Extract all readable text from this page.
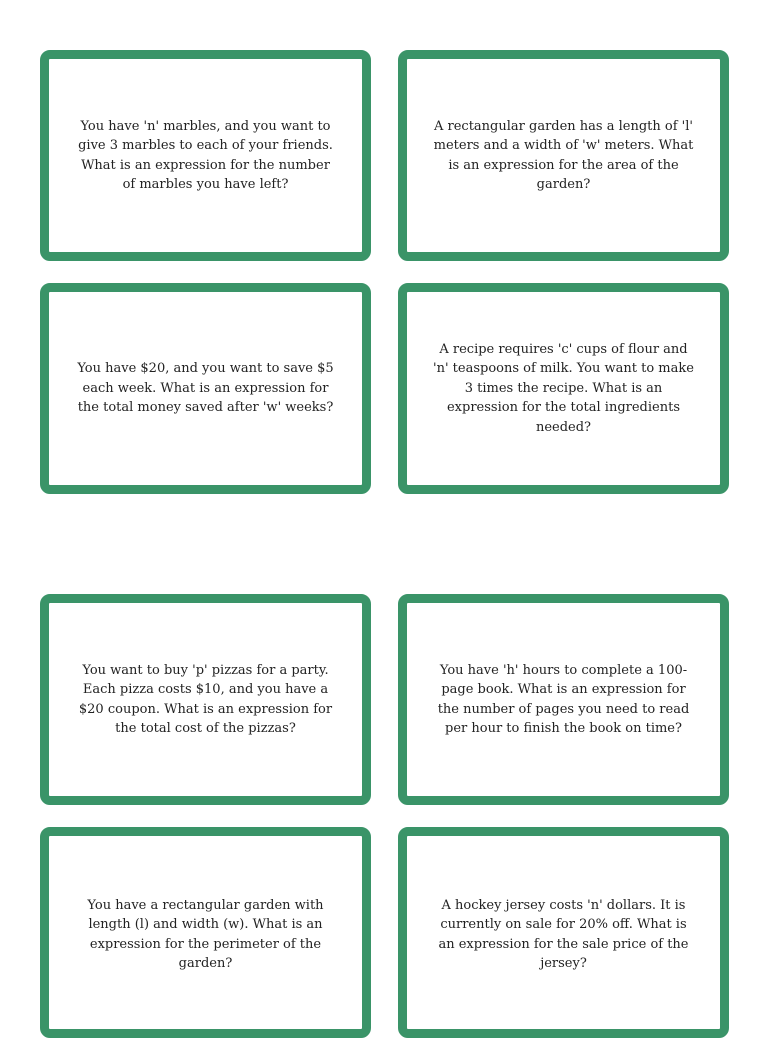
You have 'n' marbles, and you want to give 3 marbles to each of your friends. What is an expression for the number of marbles you have left?

A rectangular garden has a length of 'l' meters and a width of 'w' meters. What is an expression for the area of the garden?

You have $20, and you want to save $5 each week. What is an expression for the total money saved after 'w' weeks?

A recipe requires 'c' cups of flour and 'n' teaspoons of milk. You want to make 3 times the recipe. What is an expression for the total ingredients needed?

You want to buy 'p' pizzas for a party. Each pizza costs $10, and you have a $20 coupon. What is an expression for the total cost of the pizzas?

You have 'h' hours to complete a 100-page book. What is an expression for the number of pages you need to read per hour to finish the book on time?

You have a rectangular garden with length (l) and width (w). What is an expression for the perimeter of the garden?

A hockey jersey costs 'n' dollars. It is currently on sale for 20% off. What is an expression for the sale price of the jersey?
